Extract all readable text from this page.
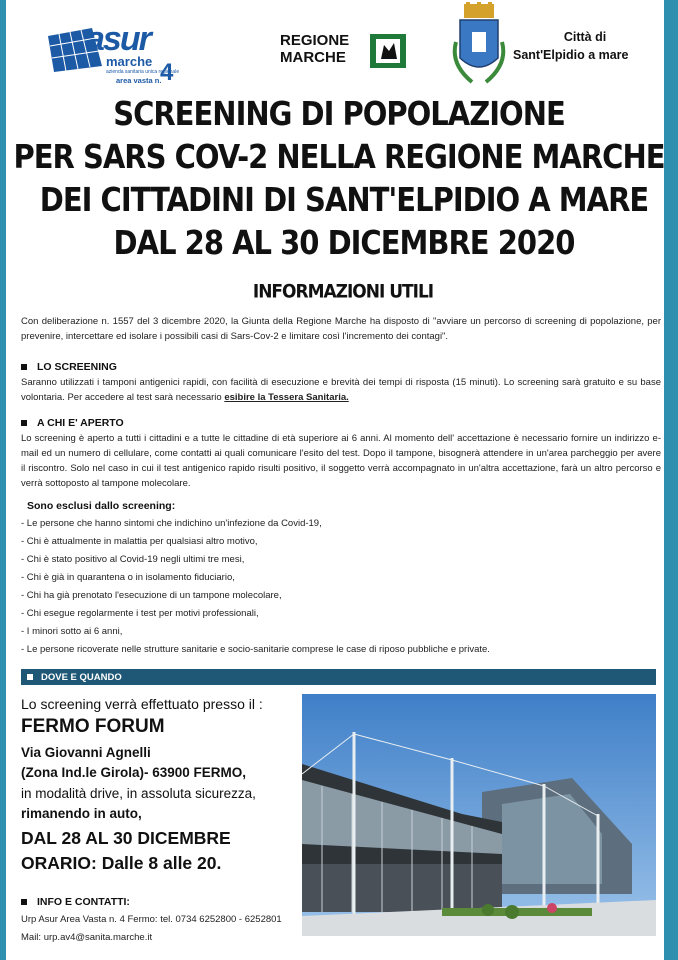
asur
marche
azienda sanitaria unica regionale
area vasta n.
4
REGIONE
MARCHE
Città di
Sant'Elpidio a mare
SCREENING DI POPOLAZIONE
PER SARS COV-2 NELLA REGIONE MARCHE
DEI CITTADINI DI SANT'ELPIDIO A MARE
DAL 28 AL 30 DICEMBRE 2020
INFORMAZIONI UTILI
Con deliberazione n. 1557 del 3 dicembre 2020, la Giunta della Regione Marche ha disposto di "avviare un percorso di screening di popolazione, per prevenire, intercettare ed isolare i possibili casi di Sars-Cov-2 e limitare così l'incremento dei contagi".
LO SCREENING
Saranno utilizzati i tamponi antigenici rapidi, con facilità di esecuzione e brevità dei tempi di risposta (15 minuti). Lo screening sarà gratuito e su base volontaria. Per accedere al test sarà necessario esibire la Tessera Sanitaria.
A CHI E' APERTO
Lo screening è aperto a tutti i cittadini e a tutte le cittadine di età superiore ai 6 anni. Al momento dell' accettazione è necessario fornire un indirizzo e-mail ed un numero di cellulare, come contatti ai quali comunicare l'esito del test. Dopo il tampone, bisognerà attendere in un'area parcheggio per avere il riscontro. Solo nel caso in cui il test antigenico rapido risulti positivo, il soggetto verrà accompagnato in un'altra accettazione, farà un altro percorso e verrà sottoposto al tampone molecolare.
Sono esclusi dallo screening:
- Le persone che hanno sintomi che indichino un'infezione da Covid-19,
- Chi è attualmente in malattia per qualsiasi altro motivo,
- Chi è stato positivo al Covid-19 negli ultimi tre mesi,
- Chi è già in quarantena o in isolamento fiduciario,
- Chi ha già prenotato l'esecuzione di un tampone molecolare,
- Chi esegue regolarmente i test per motivi professionali,
- I minori sotto ai 6 anni,
- Le persone ricoverate nelle strutture sanitarie e socio-sanitarie comprese le case di riposo pubbliche e private.
DOVE E QUANDO
Lo screening verrà effettuato presso il :
FERMO FORUM
Via Giovanni Agnelli
(Zona Ind.le Girola)- 63900 FERMO,
in modalità drive, in assoluta sicurezza,
rimanendo in auto,
DAL 28 AL 30 DICEMBRE
ORARIO: Dalle 8 alle 20.
INFO E CONTATTI:
Urp Asur Area Vasta n. 4 Fermo: tel. 0734 6252800 - 6252801
Mail: urp.av4@sanita.marche.it
